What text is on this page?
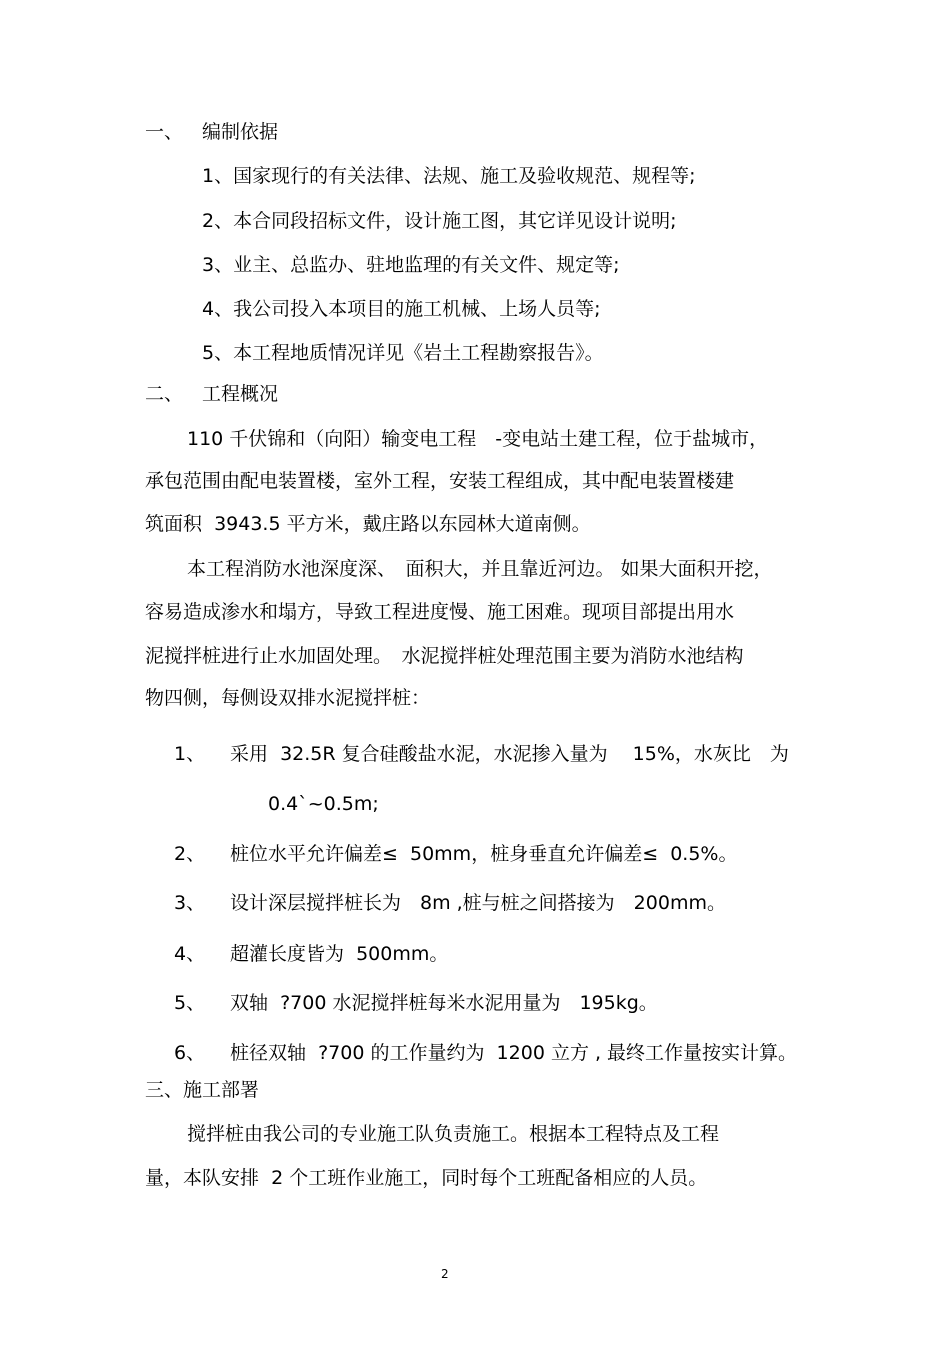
一、 编制依据
1、国家现行的有关法律、法规、施工及验收规范、规程等;
2、本合同段招标文件，设计施工图，其它详见设计说明;
3、业主、总监办、驻地监理的有关文件、规定等;
4、我公司投入本项目的施工机械、上场人员等;
5、本工程地质情况详见《岩土工程勘察报告》。
二、 工程概况
110 千伏锦和（向阳）输变电工程　-变电站土建工程，位于盐城市，
承包范围由配电装置楼，室外工程，安装工程组成，其中配电装置楼建
筑面积  3943.5 平方米，戴庄路以东园林大道南侧。
本工程消防水池深度深、　面积大，并且靠近河边。 如果大面积开挖，
容易造成渗水和塌方，导致工程进度慢、施工困难。现项目部提出用水
泥搅拌桩进行止水加固处理。　水泥搅拌桩处理范围主要为消防水池结构
物四侧，每侧设双排水泥搅拌桩：
1、 采用  32.5R 复合硅酸盐水泥，水泥掺入量为　 15%，水灰比　为
0.4`~0.5m;
2、 桩位水平允许偏差≤  50mm，桩身垂直允许偏差≤  0.5%。
3、 设计深层搅拌桩长为　8m ,桩与桩之间搭接为　200mm。
4、 超灌长度皆为  500mm。
5、 双轴  ?700 水泥搅拌桩每米水泥用量为　195kg。
6、 桩径双轴  ?700 的工作量约为  1200 立方 , 最终工作量按实计算。
三、施工部署
搅拌桩由我公司的专业施工队负责施工。根据本工程特点及工程
量，本队安排  2 个工班作业施工，同时每个工班配备相应的人员。
2
